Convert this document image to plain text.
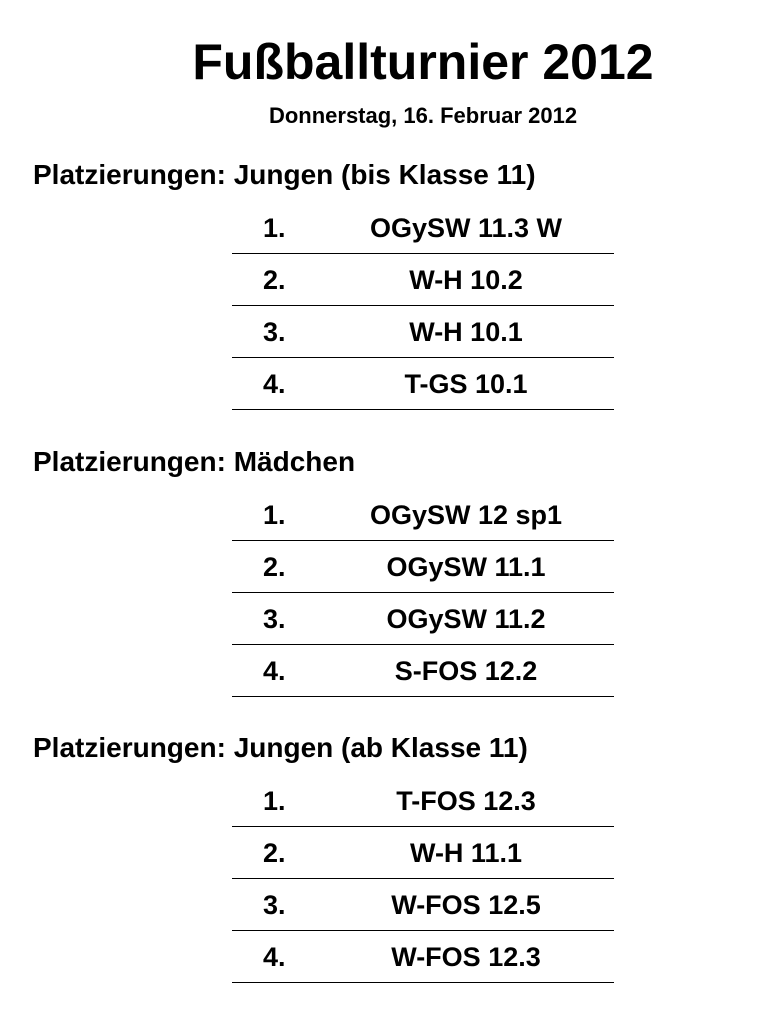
Fußballturnier 2012
Donnerstag, 16. Februar 2012
Platzierungen: Jungen (bis Klasse 11)
1.	OGySW 11.3 W
2.	W-H 10.2
3.	W-H 10.1
4.	T-GS 10.1
Platzierungen: Mädchen
1.	OGySW 12 sp1
2.	OGySW 11.1
3.	OGySW 11.2
4.	S-FOS 12.2
Platzierungen: Jungen (ab Klasse 11)
1.	T-FOS 12.3
2.	W-H 11.1
3.	W-FOS 12.5
4.	W-FOS 12.3
